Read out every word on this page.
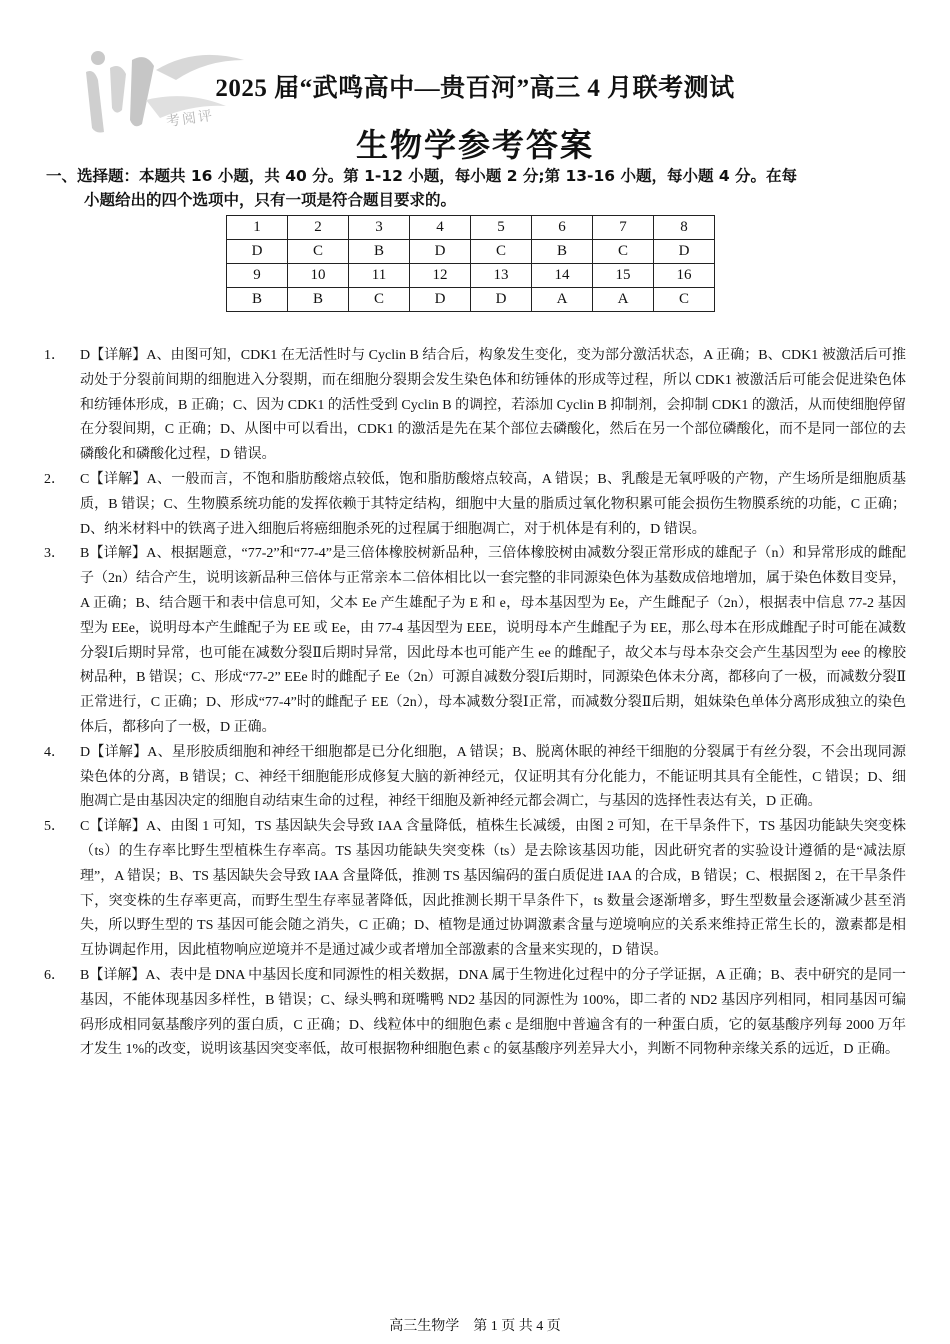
考阅评
2025 届“武鸣高中—贵百河”高三 4 月联考测试
生物学参考答案
一、选择题：本题共 16 小题，共 40 分。第 1-12 小题，每小题 2 分;第 13-16 小题，每小题 4 分。在每
小题给出的四个选项中，只有一项是符合题目要求的。
1	2	3	4	5	6	7	8
D	C	B	D	C	B	C	D
9	10	11	12	13	14	15	16
B	B	C	D	D	A	A	C
1．	D【详解】A、由图可知，CDK1 在无活性时与 Cyclin B 结合后，构象发生变化，变为部分激活状态，A 正确；B、CDK1 被激活后可推动处于分裂前间期的细胞进入分裂期，而在细胞分裂期会发生染色体和纺锤体的形成等过程，所以 CDK1 被激活后可能会促进染色体和纺锤体形成，B 正确；C、因为 CDK1 的活性受到 Cyclin B 的调控，若添加 Cyclin B 抑制剂，会抑制 CDK1 的激活，从而使细胞停留在分裂间期，C 正确；D、从图中可以看出，CDK1 的激活是先在某个部位去磷酸化，然后在另一个部位磷酸化，而不是同一部位的去磷酸化和磷酸化过程，D 错误。
2．	C【详解】A、一般而言，不饱和脂肪酸熔点较低，饱和脂肪酸熔点较高，A 错误；B、乳酸是无氧呼吸的产物，产生场所是细胞质基质，B 错误；C、生物膜系统功能的发挥依赖于其特定结构，细胞中大量的脂质过氧化物积累可能会损伤生物膜系统的功能，C 正确；D、纳米材料中的铁离子进入细胞后将癌细胞杀死的过程属于细胞凋亡，对于机体是有利的，D 错误。
3．	B【详解】A、根据题意，“77-2”和“77-4”是三倍体橡胶树新品种，三倍体橡胶树由减数分裂正常形成的雄配子（n）和异常形成的雌配子（2n）结合产生，说明该新品种三倍体与正常亲本二倍体相比以一套完整的非同源染色体为基数成倍地增加，属于染色体数目变异，A 正确；B、结合题干和表中信息可知，父本 Ee 产生雄配子为 E 和 e，母本基因型为 Ee，产生雌配子（2n），根据表中信息 77-2 基因型为 EEe，说明母本产生雌配子为 EE 或 Ee，由 77-4 基因型为 EEE，说明母本产生雌配子为 EE，那么母本在形成雌配子时可能在减数分裂Ⅰ后期时异常，也可能在减数分裂Ⅱ后期时异常，因此母本也可能产生 ee 的雌配子，故父本与母本杂交会产生基因型为 eee 的橡胶树品种，B 错误；C、形成“77-2” EEe 时的雌配子 Ee（2n）可源自减数分裂Ⅰ后期时，同源染色体未分离，都移向了一极，而减数分裂Ⅱ正常进行，C 正确；D、形成“77-4”时的雌配子 EE（2n），母本减数分裂Ⅰ正常，而减数分裂Ⅱ后期，姐妹染色单体分离形成独立的染色体后，都移向了一极，D 正确。
4．	D【详解】A、星形胶质细胞和神经干细胞都是已分化细胞，A 错误；B、脱离休眠的神经干细胞的分裂属于有丝分裂，不会出现同源染色体的分离，B 错误；C、神经干细胞能形成修复大脑的新神经元，仅证明其有分化能力，不能证明其具有全能性，C 错误；D、细胞凋亡是由基因决定的细胞自动结束生命的过程，神经干细胞及新神经元都会凋亡，与基因的选择性表达有关，D 正确。
5．	C【详解】A、由图 1 可知，TS 基因缺失会导致 IAA 含量降低，植株生长减缓，由图 2 可知，在干旱条件下，TS 基因功能缺失突变株（ts）的生存率比野生型植株生存率高。TS 基因功能缺失突变株（ts）是去除该基因功能，因此研究者的实验设计遵循的是“减法原理”，A 错误；B、TS 基因缺失会导致 IAA 含量降低，推测 TS 基因编码的蛋白质促进 IAA 的合成，B 错误；C、根据图 2，在干旱条件下，突变株的生存率更高，而野生型生存率显著降低，因此推测长期干旱条件下，ts 数量会逐渐增多，野生型数量会逐渐减少甚至消失，所以野生型的 TS 基因可能会随之消失，C 正确；D、植物是通过协调激素含量与逆境响应的关系来维持正常生长的，激素都是相互协调起作用，因此植物响应逆境并不是通过减少或者增加全部激素的含量来实现的，D 错误。
6．	B【详解】A、表中是 DNA 中基因长度和同源性的相关数据，DNA 属于生物进化过程中的分子学证据，A 正确；B、表中研究的是同一基因，不能体现基因多样性，B 错误；C、绿头鸭和斑嘴鸭 ND2 基因的同源性为 100%，即二者的 ND2 基因序列相同，相同基因可编码形成相同氨基酸序列的蛋白质，C 正确；D、线粒体中的细胞色素 c 是细胞中普遍含有的一种蛋白质，它的氨基酸序列每 2000 万年才发生 1%的改变，说明该基因突变率低，故可根据物种细胞色素 c 的氨基酸序列差异大小，判断不同物种亲缘关系的远近，D 正确。
高三生物学　第 1 页 共 4 页
